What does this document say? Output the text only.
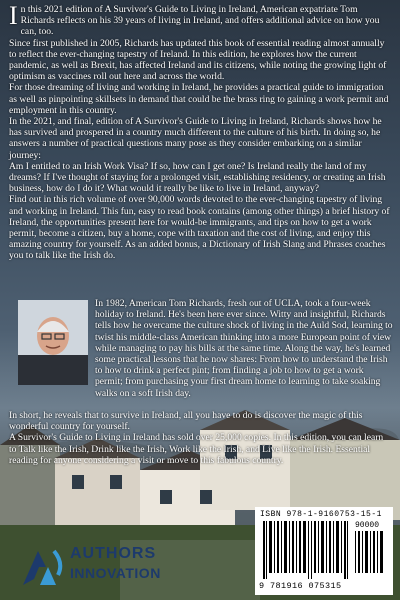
In this 2021 edition of A Survivor's Guide to Living in Ireland, American expatriate Tom Richards reflects on his 39 years of living in Ireland, and offers additional advice on how you can, too.

Since first published in 2005, Richards has updated this book of essential reading almost annually to reflect the ever-changing tapestry of Ireland. In this edition, he explores how the current pandemic, as well as Brexit, has affected Ireland and its citizens, while noting the growing light of optimism as vaccines roll out here and across the world.

For those dreaming of living and working in Ireland, he provides a practical guide to immigration as well as pinpointing skillsets in demand that could be the brass ring to gaining a work permit and employment in this country.

In the 2021, and final, edition of A Survivor's Guide to Living in Ireland, Richards shows how he has survived and prospered in a country much different to the culture of his birth. In doing so, he answers a number of practical questions many pose as they consider embarking on a similar journey:

Am I entitled to an Irish Work Visa? If so, how can I get one? Is Ireland really the land of my dreams? If I've thought of staying for a prolonged visit, establishing residency, or creating an Irish business, how do I do it? What would it really be like to live in Ireland, anyway?

Find out in this rich volume of over 90,000 words devoted to the ever-changing tapestry of living and working in Ireland. This fun, easy to read book contains (among other things) a brief history of Ireland, the opportunities present here for would-be immigrants, and tips on how to get a work permit, become a citizen, buy a home, cope with taxation and the cost of living, and enjoy this amazing country for yourself. As an added bonus, a Dictionary of Irish Slang and Phrases coaches you to talk like the Irish do.

In 1982, American Tom Richards, fresh out of UCLA, took a four-week holiday to Ireland. He's been here ever since. Witty and insightful, Richards tells how he overcame the culture shock of living in the Auld Sod, learning to twist his middle-class American thinking into a more European point of view while managing to pay his bills at the same time. Along the way, he's learned some practical lessons that he now shares: From how to understand the Irish to how to drink a perfect pint; from finding a job to how to get a work permit; from purchasing your first dream home to learning to take soaking walks on a soft Irish day.

In short, he reveals that to survive in Ireland, all you have to do is discover the magic of this wonderful country for yourself.

A Survivor's Guide to Living in Ireland has sold over 25,000 copies. In this edition, you can learn to Talk like the Irish, Drink like the Irish, Work like the Irish, and Live like the Irish. Essential reading for anyone considering a visit or move to this fabulous country.

AUTHORS
INNOVATION
ISBN 978-1-9160753-15-1
90000
9 781916 075315
